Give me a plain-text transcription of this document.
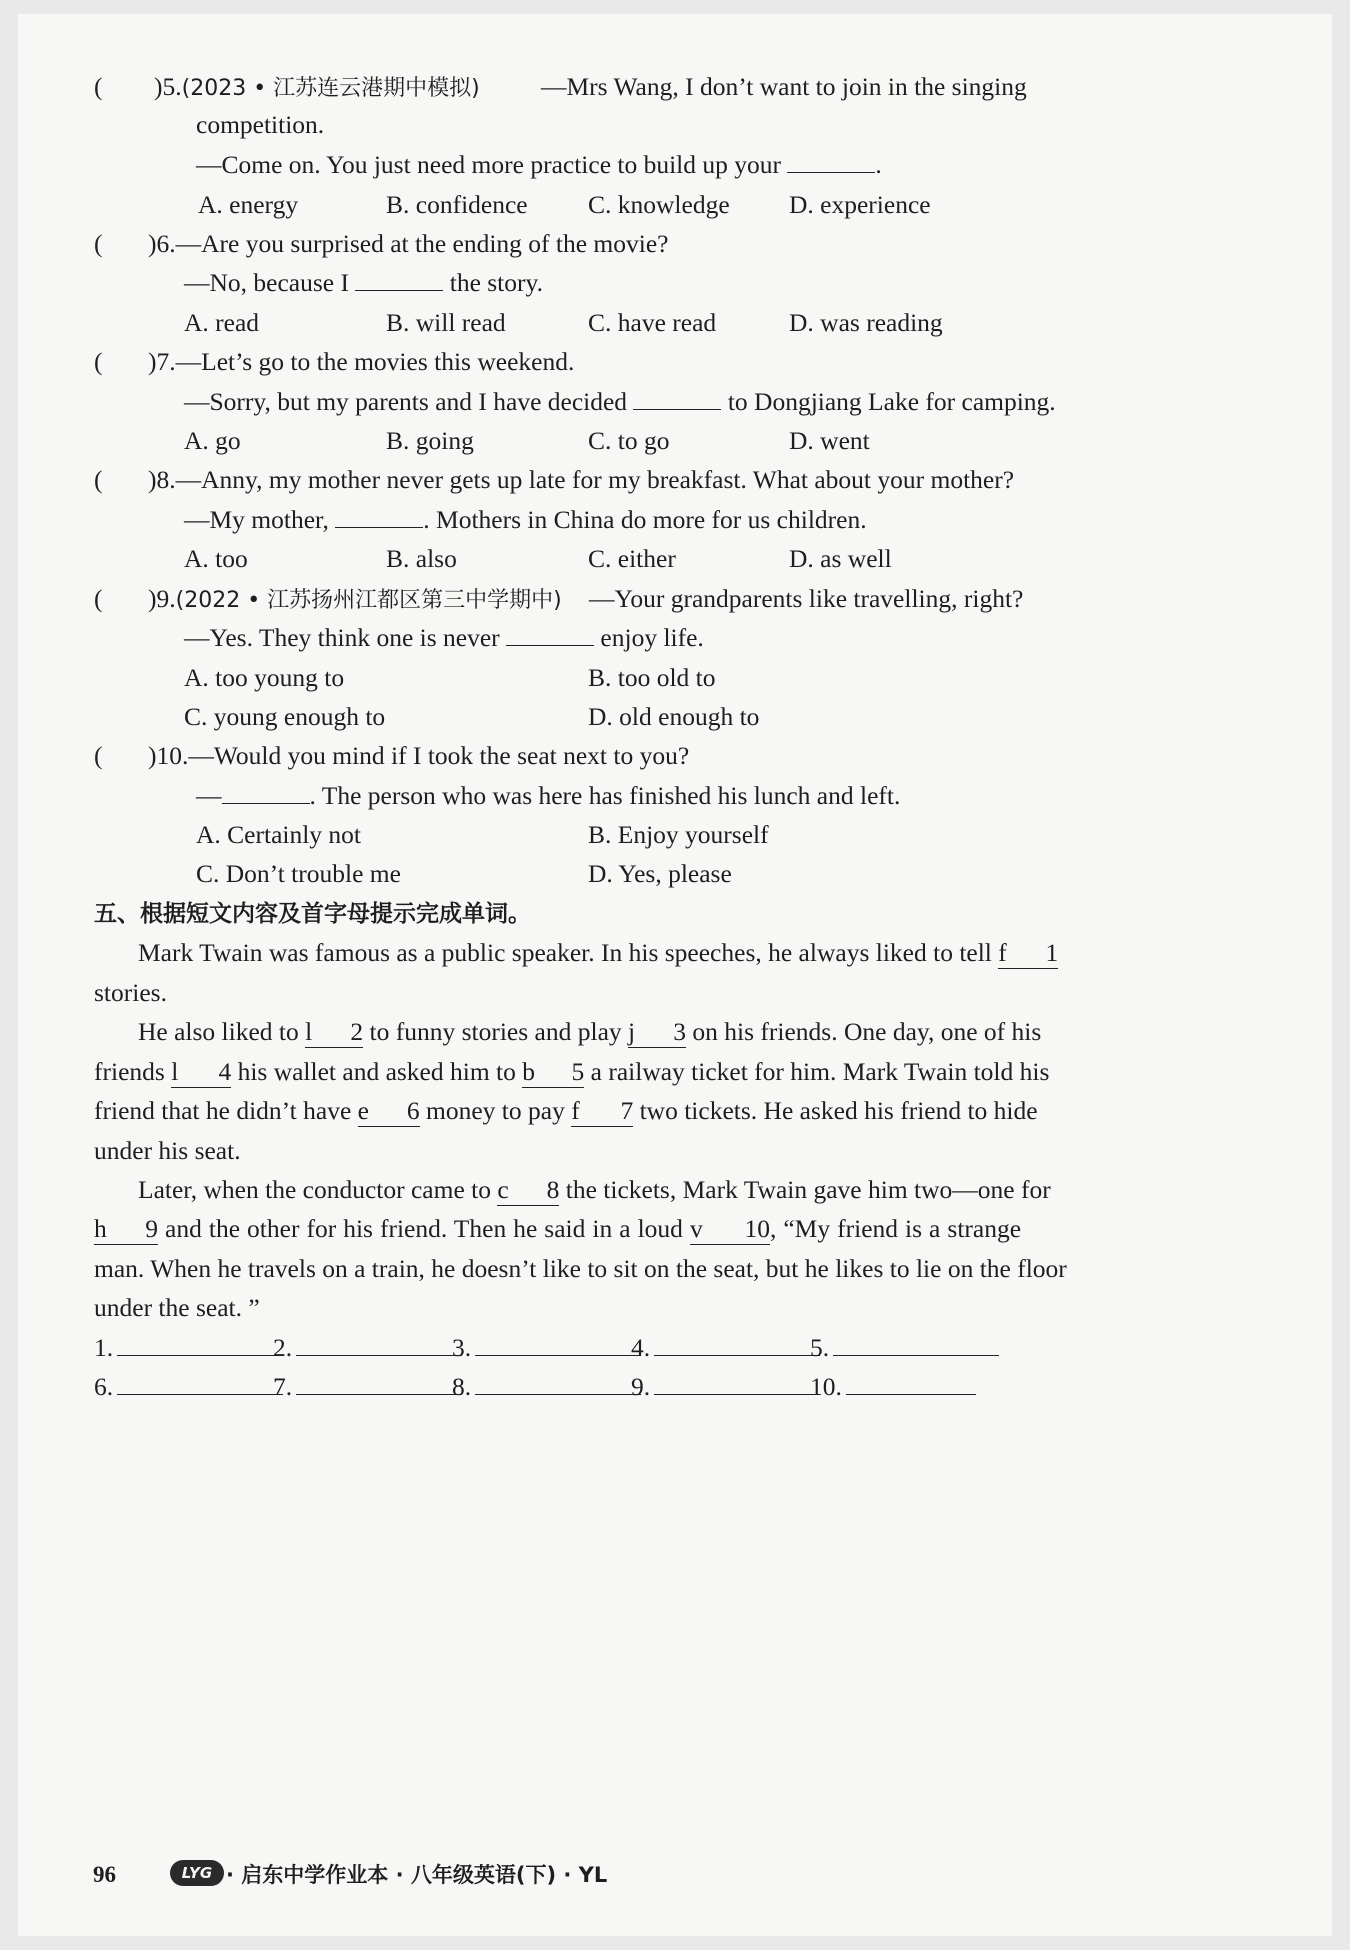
( )5.(2023 • 江苏连云港期中模拟) —Mrs Wang, I don’t want to join in the singing
competition.
—Come on. You just need more practice to build up your	.
A. energy	B. confidence C. knowledge D. experience
( )6.—Are you surprised at the ending of the movie?
—No, because I	the story.
A. read	B. will read	C. have read	D. was reading
( )7.—Let’s go to the movies this weekend.
—Sorry, but my parents and I have decided	to Dongjiang Lake for camping.
A. go	B. going	C. to go	D. went
( )8.—Anny, my mother never gets up late for my breakfast. What about your mother?
—My mother,	. Mothers in China do more for us children.
A. too	B. also	C. either	D. as well
( )9.(2022 • 江苏扬州江都区第三中学期中) —Your grandparents like travelling, right?
—Yes. They think one is never	enjoy life.
A. too young to	B. too old to
C. young enough to	D. old enough to
( )10.—Would you mind if I took the seat next to you?
—	. The person who was here has finished his lunch and left.
A. Certainly not	B. Enjoy yourself
C. Don’t trouble me	D. Yes, please
五、根据短文内容及首字母提示完成单词。
Mark Twain was famous as a public speaker. In his speeches, he always liked to tell f 1
stories.
He also liked to l 2 to funny stories and play j 3 on his friends. One day, one of his
friends l 4 his wallet and asked him to b 5 a railway ticket for him. Mark Twain told his
friend that he didn’t have e 6 money to pay f 7 two tickets. He asked his friend to hide
under his seat.
Later, when the conductor came to c 8 the tickets, Mark Twain gave him two—one for
h 9 and the other for his friend. Then he said in a loud v 10, “My friend is a strange
man. When he travels on a train, he doesn’t like to sit on the seat, but he likes to lie on the floor
under the seat. ”
1.	2.	3.	4.	5.
6.	7.	8.	9.	10.
96	LYG · 启东中学作业本 · 八年级英语(下) · YL
